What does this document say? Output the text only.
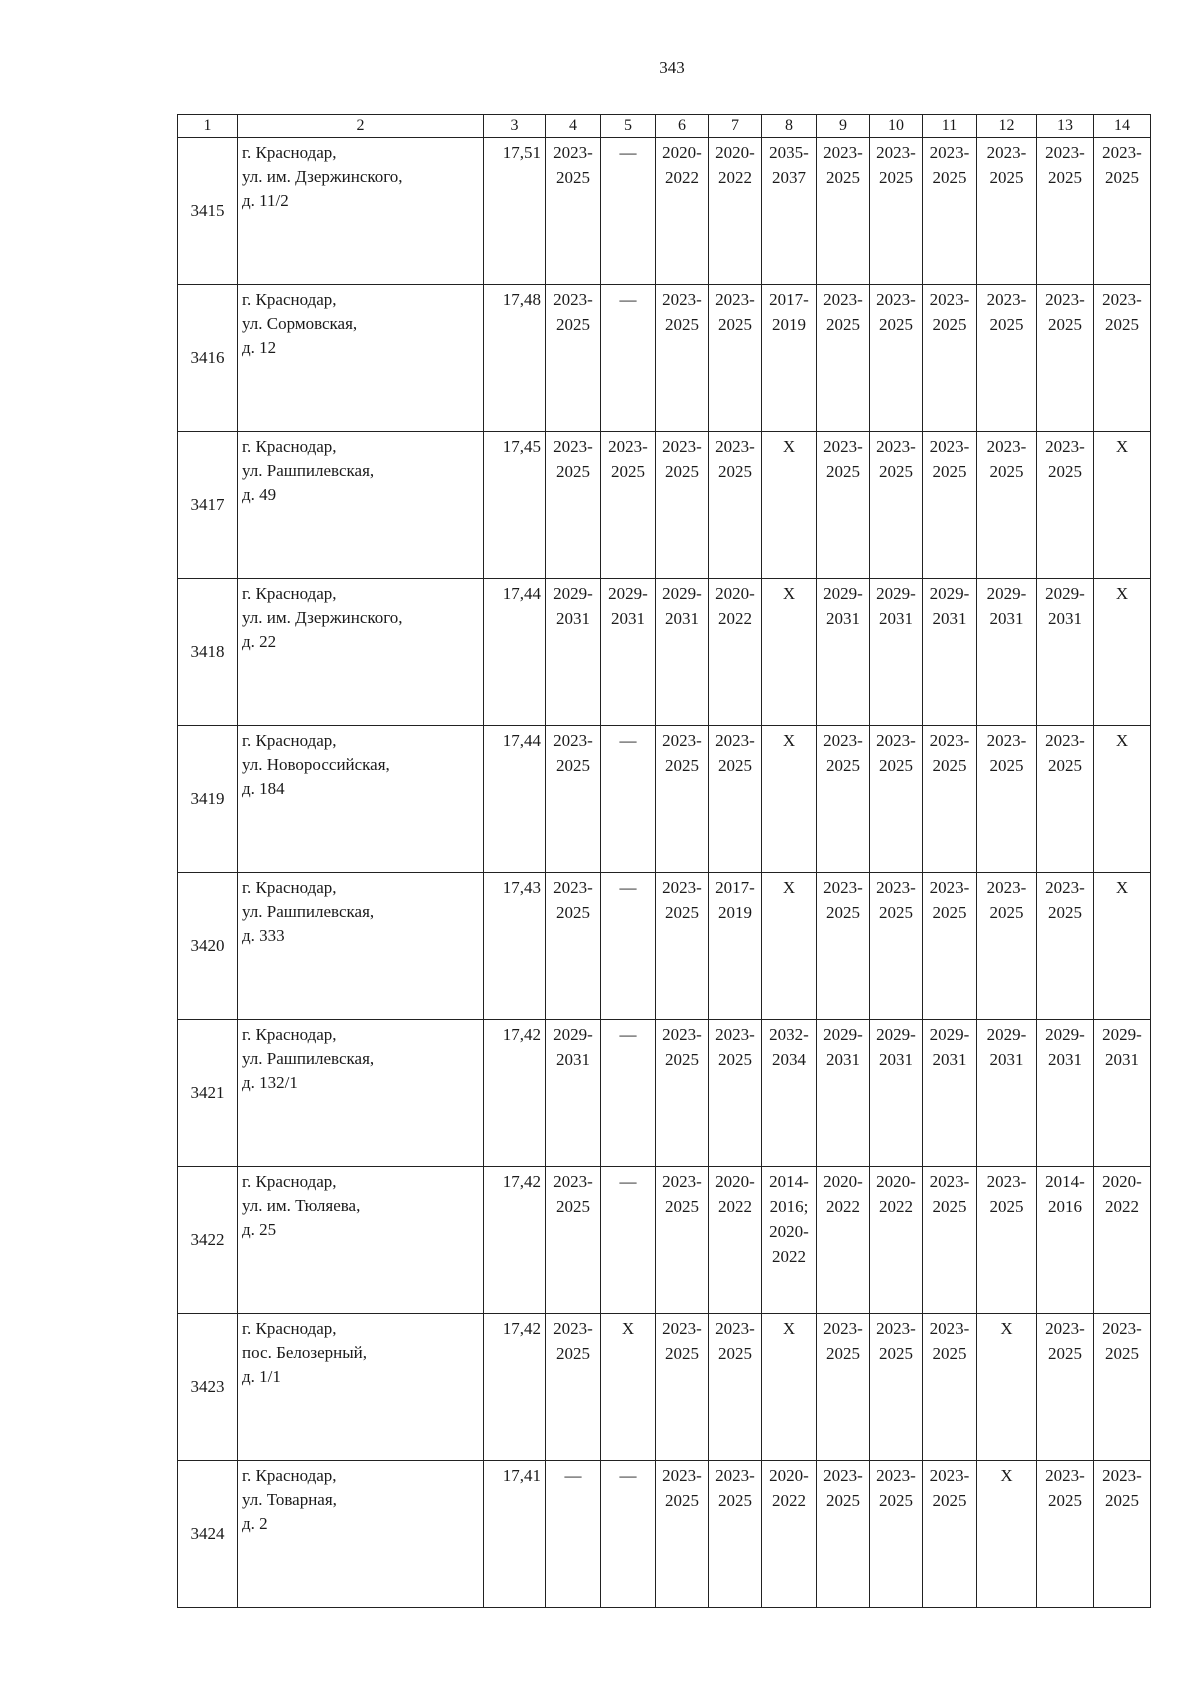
343
1	2	3	4	5	6	7	8	9	10	11	12	13	14
3415	г. Краснодар,
ул. им. Дзержинского,
д. 11/2	17,51	2023-
2025	—	2020-
2022	2020-
2022	2035-
2037	2023-
2025	2023-
2025	2023-
2025	2023-
2025	2023-
2025	2023-
2025

3416	г. Краснодар,
ул. Сормовская,
д. 12	17,48	2023-
2025	—	2023-
2025	2023-
2025	2017-
2019	2023-
2025	2023-
2025	2023-
2025	2023-
2025	2023-
2025	2023-
2025

3417	г. Краснодар,
ул. Рашпилевская,
д. 49	17,45	2023-
2025	2023-
2025	2023-
2025	2023-
2025	X	2023-
2025	2023-
2025	2023-
2025	2023-
2025	2023-
2025	X

3418	г. Краснодар,
ул. им. Дзержинского,
д. 22	17,44	2029-
2031	2029-
2031	2029-
2031	2020-
2022	X	2029-
2031	2029-
2031	2029-
2031	2029-
2031	2029-
2031	X

3419	г. Краснодар,
ул. Новороссийская,
д. 184	17,44	2023-
2025	—	2023-
2025	2023-
2025	X	2023-
2025	2023-
2025	2023-
2025	2023-
2025	2023-
2025	X

3420	г. Краснодар,
ул. Рашпилевская,
д. 333	17,43	2023-
2025	—	2023-
2025	2017-
2019	X	2023-
2025	2023-
2025	2023-
2025	2023-
2025	2023-
2025	X

3421	г. Краснодар,
ул. Рашпилевская,
д. 132/1	17,42	2029-
2031	—	2023-
2025	2023-
2025	2032-
2034	2029-
2031	2029-
2031	2029-
2031	2029-
2031	2029-
2031	2029-
2031

3422	г. Краснодар,
ул. им. Тюляева,
д. 25	17,42	2023-
2025	—	2023-
2025	2020-
2022	2014-
2016;
2020-
2022	2020-
2022	2020-
2022	2023-
2025	2023-
2025	2014-
2016	2020-
2022

3423	г. Краснодар,
пос. Белозерный,
д. 1/1	17,42	2023-
2025	X	2023-
2025	2023-
2025	X	2023-
2025	2023-
2025	2023-
2025	X	2023-
2025	2023-
2025

3424	г. Краснодар,
ул. Товарная,
д. 2	17,41	—	—	2023-
2025	2023-
2025	2020-
2022	2023-
2025	2023-
2025	2023-
2025	X	2023-
2025	2023-
2025
